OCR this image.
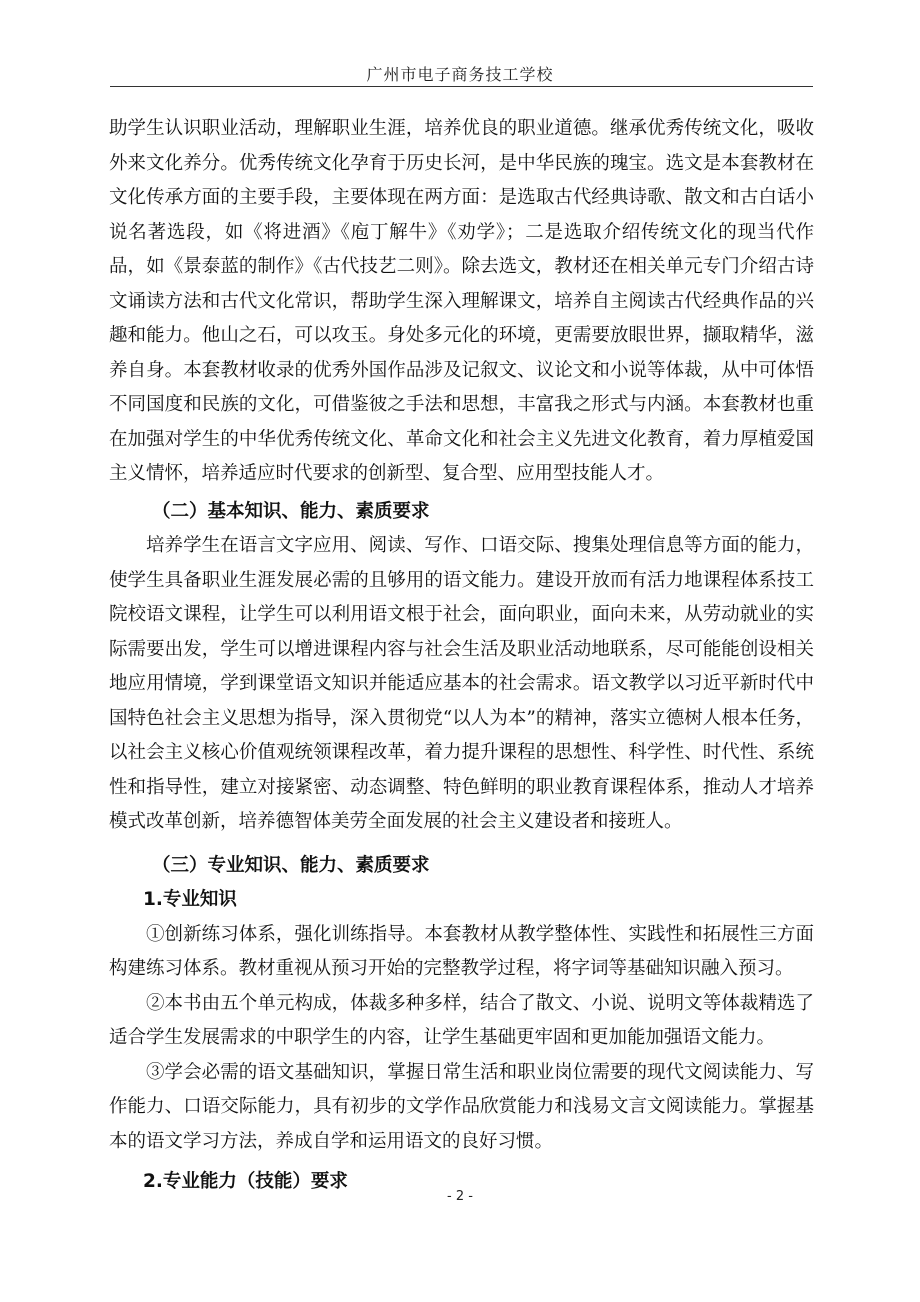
广州市电子商务技工学校

助学生认识职业活动，理解职业生涯，培养优良的职业道德。继承优秀传统文化，吸收外来文化养分。优秀传统文化孕育于历史长河，是中华民族的瑰宝。选文是本套教材在文化传承方面的主要手段，主要体现在两方面：是选取古代经典诗歌、散文和古白话小说名著选段，如《将进酒》《庖丁解牛》《劝学》；二是选取介绍传统文化的现当代作品，如《景泰蓝的制作》《古代技艺二则》。除去选文，教材还在相关单元专门介绍古诗文诵读方法和古代文化常识，帮助学生深入理解课文，培养自主阅读古代经典作品的兴趣和能力。他山之石，可以攻玉。身处多元化的环境，更需要放眼世界，撷取精华，滋养自身。本套教材收录的优秀外国作品涉及记叙文、议论文和小说等体裁，从中可体悟不同国度和民族的文化，可借鉴彼之手法和思想，丰富我之形式与内涵。本套教材也重在加强对学生的中华优秀传统文化、革命文化和社会主义先进文化教育，着力厚植爱国主义情怀，培养适应时代要求的创新型、复合型、应用型技能人才。

（二）基本知识、能力、素质要求

培养学生在语言文字应用、阅读、写作、口语交际、搜集处理信息等方面的能力，使学生具备职业生涯发展必需的且够用的语文能力。建设开放而有活力地课程体系技工院校语文课程，让学生可以利用语文根于社会，面向职业，面向未来，从劳动就业的实际需要出发，学生可以增进课程内容与社会生活及职业活动地联系，尽可能能创设相关地应用情境，学到课堂语文知识并能适应基本的社会需求。语文教学以习近平新时代中国特色社会主义思想为指导，深入贯彻党“以人为本”的精神，落实立德树人根本任务，以社会主义核心价值观统领课程改革，着力提升课程的思想性、科学性、时代性、系统性和指导性，建立对接紧密、动态调整、特色鲜明的职业教育课程体系，推动人才培养模式改革创新，培养德智体美劳全面发展的社会主义建设者和接班人。

（三）专业知识、能力、素质要求

1.专业知识

①创新练习体系，强化训练指导。本套教材从教学整体性、实践性和拓展性三方面构建练习体系。教材重视从预习开始的完整教学过程，将字词等基础知识融入预习。

②本书由五个单元构成，体裁多种多样，结合了散文、小说、说明文等体裁精选了适合学生发展需求的中职学生的内容，让学生基础更牢固和更加能加强语文能力。

③学会必需的语文基础知识，掌握日常生活和职业岗位需要的现代文阅读能力、写作能力、口语交际能力，具有初步的文学作品欣赏能力和浅易文言文阅读能力。掌握基本的语文学习方法，养成自学和运用语文的良好习惯。

2.专业能力（技能）要求

- 2 -
